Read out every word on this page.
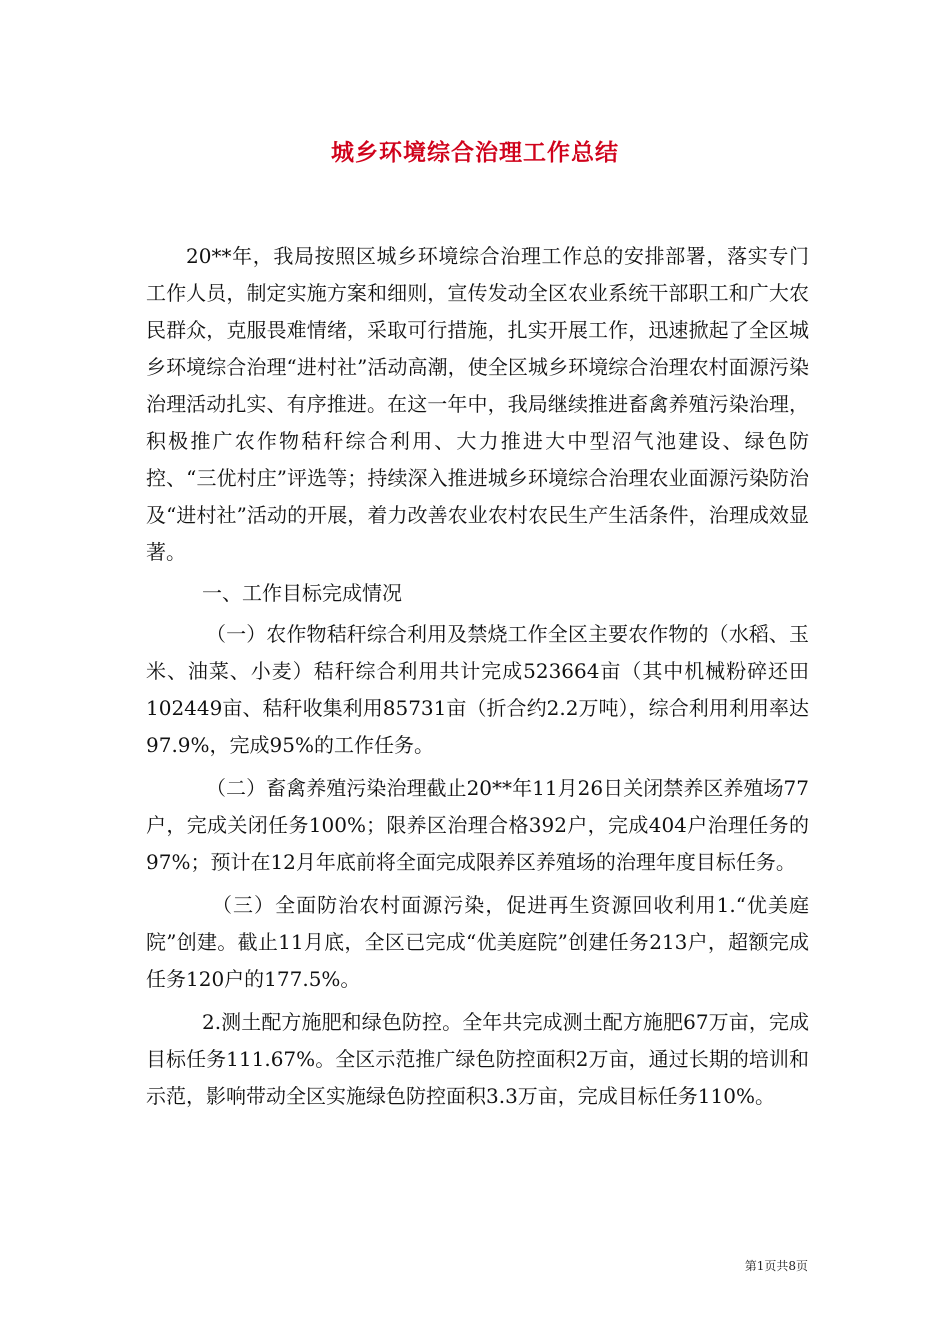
城乡环境综合治理工作总结

20**年，我局按照区城乡环境综合治理工作总的安排部署，落实专门工作人员，制定实施方案和细则，宣传发动全区农业系统干部职工和广大农民群众，克服畏难情绪，采取可行措施，扎实开展工作，迅速掀起了全区城乡环境综合治理“进村社”活动高潮，使全区城乡环境综合治理农村面源污染治理活动扎实、有序推进。在这一年中，我局继续推进畜禽养殖污染治理，积极推广农作物秸秆综合利用、大力推进大中型沼气池建设、绿色防控、“三优村庄”评选等；持续深入推进城乡环境综合治理农业面源污染防治及“进村社”活动的开展，着力改善农业农村农民生产生活条件，治理成效显著。

一、工作目标完成情况

（一）农作物秸秆综合利用及禁烧工作全区主要农作物的（水稻、玉米、油菜、小麦）秸秆综合利用共计完成523664亩（其中机械粉碎还田102449亩、秸秆收集利用85731亩（折合约2.2万吨），综合利用利用率达97.9%，完成95%的工作任务。

（二）畜禽养殖污染治理截止20**年11月26日关闭禁养区养殖场77户，完成关闭任务100%；限养区治理合格392户，完成404户治理任务的97%；预计在12月年底前将全面完成限养区养殖场的治理年度目标任务。

（三）全面防治农村面源污染，促进再生资源回收利用1.“优美庭院”创建。截止11月底，全区已完成“优美庭院”创建任务213户，超额完成任务120户的177.5%。

2.测土配方施肥和绿色防控。全年共完成测土配方施肥67万亩，完成目标任务111.67%。全区示范推广绿色防控面积2万亩，通过长期的培训和示范，影响带动全区实施绿色防控面积3.3万亩，完成目标任务110%。

第1页共8页
